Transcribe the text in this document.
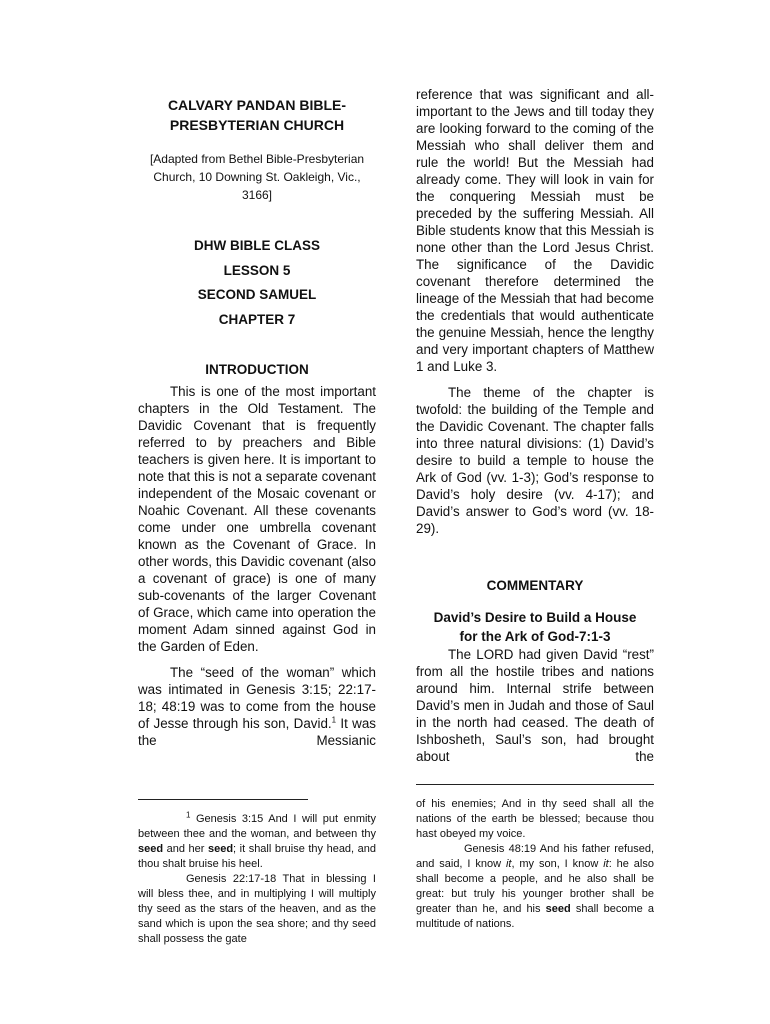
CALVARY PANDAN BIBLE-PRESBYTERIAN CHURCH
[Adapted from Bethel Bible-Presbyterian Church, 10 Downing St. Oakleigh, Vic., 3166]
DHW BIBLE CLASS
LESSON 5
SECOND SAMUEL
CHAPTER 7
INTRODUCTION

This is one of the most important chapters in the Old Testament. The Davidic Covenant that is frequently referred to by preachers and Bible teachers is given here. It is important to note that this is not a separate covenant independent of the Mosaic covenant or Noahic Covenant. All these covenants come under one umbrella covenant known as the Covenant of Grace. In other words, this Davidic covenant (also a covenant of grace) is one of many sub-covenants of the larger Covenant of Grace, which came into operation the moment Adam sinned against God in the Garden of Eden.

The “seed of the woman” which was intimated in Genesis 3:15; 22:17-18; 48:19 was to come from the house of Jesse through his son, David.$^1$ It was the Messianic

reference that was significant and all-important to the Jews and till today they are looking forward to the coming of the Messiah who shall deliver them and rule the world! But the Messiah had already come. They will look in vain for the conquering Messiah must be preceded by the suffering Messiah. All Bible students know that this Messiah is none other than the Lord Jesus Christ. The significance of the Davidic covenant therefore determined the lineage of the Messiah that had become the credentials that would authenticate the genuine Messiah, hence the lengthy and very important chapters of Matthew 1 and Luke 3.

The theme of the chapter is twofold: the building of the Temple and the Davidic Covenant. The chapter falls into three natural divisions: (1) David’s desire to build a temple to house the Ark of God (vv. 1-3); God’s response to David’s holy desire (vv. 4-17); and David’s answer to God’s word (vv. 18-29).

COMMENTARY
David’s Desire to Build a House
for the Ark of God-7:1-3

The LORD had given David “rest” from all the hostile tribes and nations around him. Internal strife between David’s men in Judah and those of Saul in the north had ceased. The death of Ishbosheth, Saul’s son, had brought about the

$^1$ Genesis 3:15 And I will put enmity between thee and the woman, and between thy seed and her seed; it shall bruise thy head, and thou shalt bruise his heel.

Genesis 22:17-18 That in blessing I will bless thee, and in multiplying I will multiply thy seed as the stars of the heaven, and as the sand which is upon the sea shore; and thy seed shall possess the gate

of his enemies; And in thy seed shall all the nations of the earth be blessed; because thou hast obeyed my voice.

Genesis 48:19 And his father refused, and said, I know it, my son, I know it: he also shall become a people, and he also shall be great: but truly his younger brother shall be greater than he, and his seed shall become a multitude of nations.
